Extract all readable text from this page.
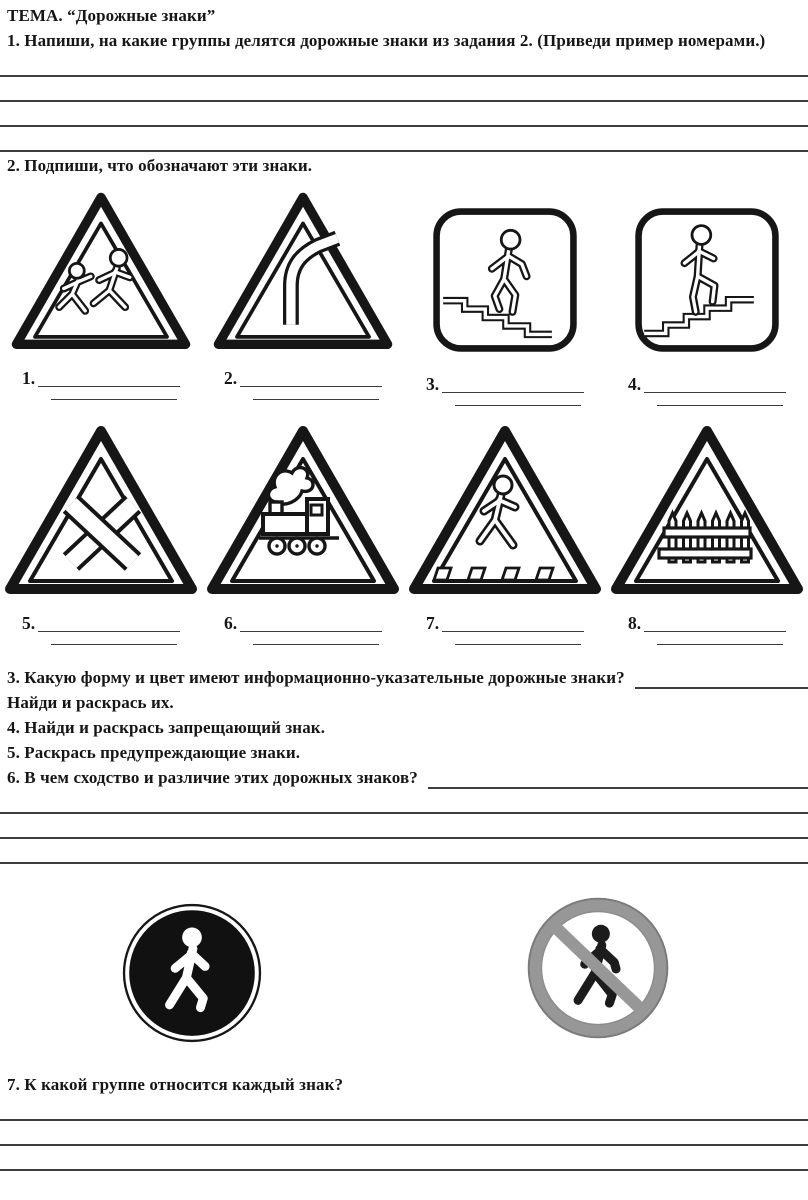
ТЕМА. “Дорожные знаки”
1. Напиши, на какие группы делятся дорожные знаки из задания 2. (Приведи пример номерами.)
2. Подпиши, что обозначают эти знаки.
1.	2.	3.	4.
5.	6.	7.	8.
3. Какую форму и цвет имеют информационно-указательные дорожные знаки?
Найди и раскрась их.
4. Найди и раскрась запрещающий знак.
5. Раскрась предупреждающие знаки.
6. В чем сходство и различие этих дорожных знаков?
7. К какой группе относится каждый знак?
